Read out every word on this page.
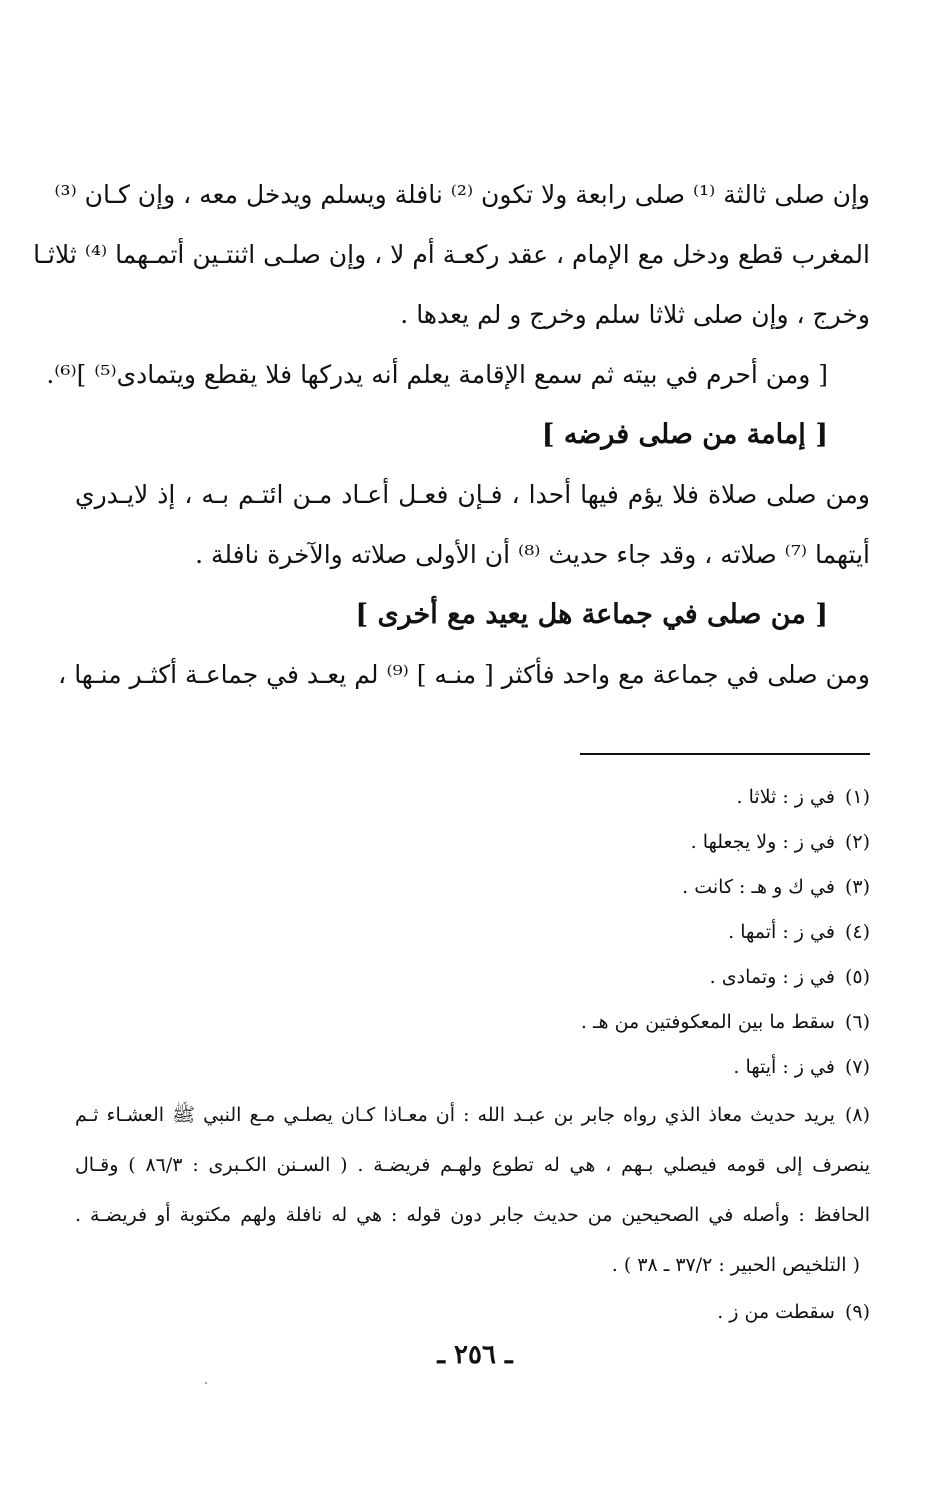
وإن صلى ثالثة ⁽¹⁾ صلى رابعة ولا تكون ⁽²⁾ نافلة ويسلم ويدخل معه ، وإن كـان ⁽³⁾
المغرب قطع ودخل مع الإمام ، عقد ركعـة أم لا ، وإن صلـى اثنتـين أتمـهما ⁽⁴⁾ ثلاثـا
وخرج ، وإن صلى ثلاثا سلم وخرج و لم يعدها .
[ ومن أحرم في بيته ثم سمع الإقامة يعلم أنه يدركها فلا يقطع ويتمادى⁽⁵⁾ ]⁽⁶⁾.
[ إمامة من صلى فرضه ]
ومن صلى صلاة فلا يؤم فيها أحدا ، فـإن فعـل أعـاد مـن ائتـم بـه ، إذ لايـدري
أيتهما ⁽⁷⁾ صلاته ، وقد جاء حديث ⁽⁸⁾ أن الأولى صلاته والآخرة نافلة .
[ من صلى في جماعة هل يعيد مع أخرى ]
ومن صلى في جماعة مع واحد فأكثر [ منـه ] ⁽⁹⁾ لم يعـد في جماعـة أكثـر منـها ،
(١)في ز : ثلاثا .
(٢)في ز : ولا يجعلها .
(٣)في ك و هـ : كانت .
(٤)في ز : أتمها .
(٥)في ز : وتمادى .
(٦)سقط ما بين المعكوفتين من هـ .
(٧)في ز : أيتها .
(٨)يريد حديث معاذ الذي رواه جابر بن عبـد الله : أن معـاذا كـان يصلـي مـع النبي ﷺ العشـاء ثـم
ينصرف إلى قومه فيصلي بـهم ، هي له تطوع ولهـم فريضـة . ( السـنن الكـبرى : ٨٦/٣ ) وقـال
الحافظ : وأصله في الصحيحين من حديث جابر دون قوله : هي له نافلة ولهم مكتوبة أو فريضـة .
( التلخيص الحبير : ٣٧/٢ ـ ٣٨ ) .
(٩)سقطت من ز .
ـ ٢٥٦ ـ
